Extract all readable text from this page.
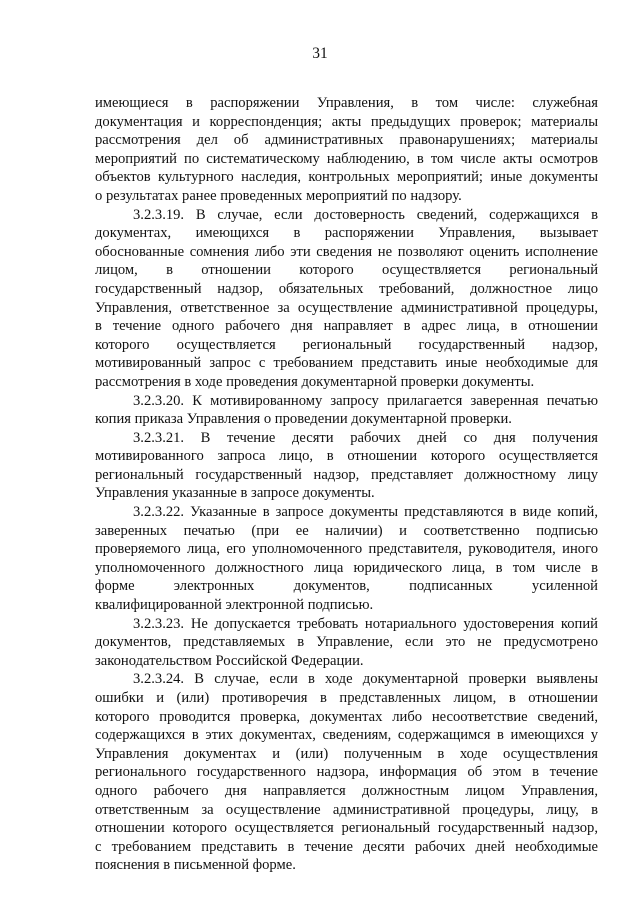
31
имеющиеся в распоряжении Управления, в том числе: служебная
документация и корреспонденция; акты предыдущих проверок; материалы
рассмотрения дел об административных правонарушениях; материалы
мероприятий по систематическому наблюдению, в том числе акты осмотров
объектов культурного наследия, контрольных мероприятий; иные документы
о результатах ранее проведенных мероприятий по надзору.
3.2.3.19. В случае, если достоверность сведений, содержащихся в
документах, имеющихся в распоряжении Управления, вызывает
обоснованные сомнения либо эти сведения не позволяют оценить исполнение
лицом, в отношении которого осуществляется региональный
государственный надзор, обязательных требований, должностное лицо
Управления, ответственное за осуществление административной процедуры,
в течение одного рабочего дня направляет в адрес лица, в отношении
которого осуществляется региональный государственный надзор,
мотивированный запрос с требованием представить иные необходимые для
рассмотрения в ходе проведения документарной проверки документы.
3.2.3.20. К мотивированному запросу прилагается заверенная печатью
копия приказа Управления о проведении документарной проверки.
3.2.3.21. В течение десяти рабочих дней со дня получения
мотивированного запроса лицо, в отношении которого осуществляется
региональный государственный надзор, представляет должностному лицу
Управления указанные в запросе документы.
3.2.3.22. Указанные в запросе документы представляются в виде копий,
заверенных печатью (при ее наличии) и соответственно подписью
проверяемого лица, его уполномоченного представителя, руководителя, иного
уполномоченного должностного лица юридического лица, в том числе в
форме электронных документов, подписанных усиленной
квалифицированной электронной подписью.
3.2.3.23. Не допускается требовать нотариального удостоверения копий
документов, представляемых в Управление, если это не предусмотрено
законодательством Российской Федерации.
3.2.3.24. В случае, если в ходе документарной проверки выявлены
ошибки и (или) противоречия в представленных лицом, в отношении
которого проводится проверка, документах либо несоответствие сведений,
содержащихся в этих документах, сведениям, содержащимся в имеющихся у
Управления документах и (или) полученным в ходе осуществления
регионального государственного надзора, информация об этом в течение
одного рабочего дня направляется должностным лицом Управления,
ответственным за осуществление административной процедуры, лицу, в
отношении которого осуществляется региональный государственный надзор,
с требованием представить в течение десяти рабочих дней необходимые
пояснения в письменной форме.
